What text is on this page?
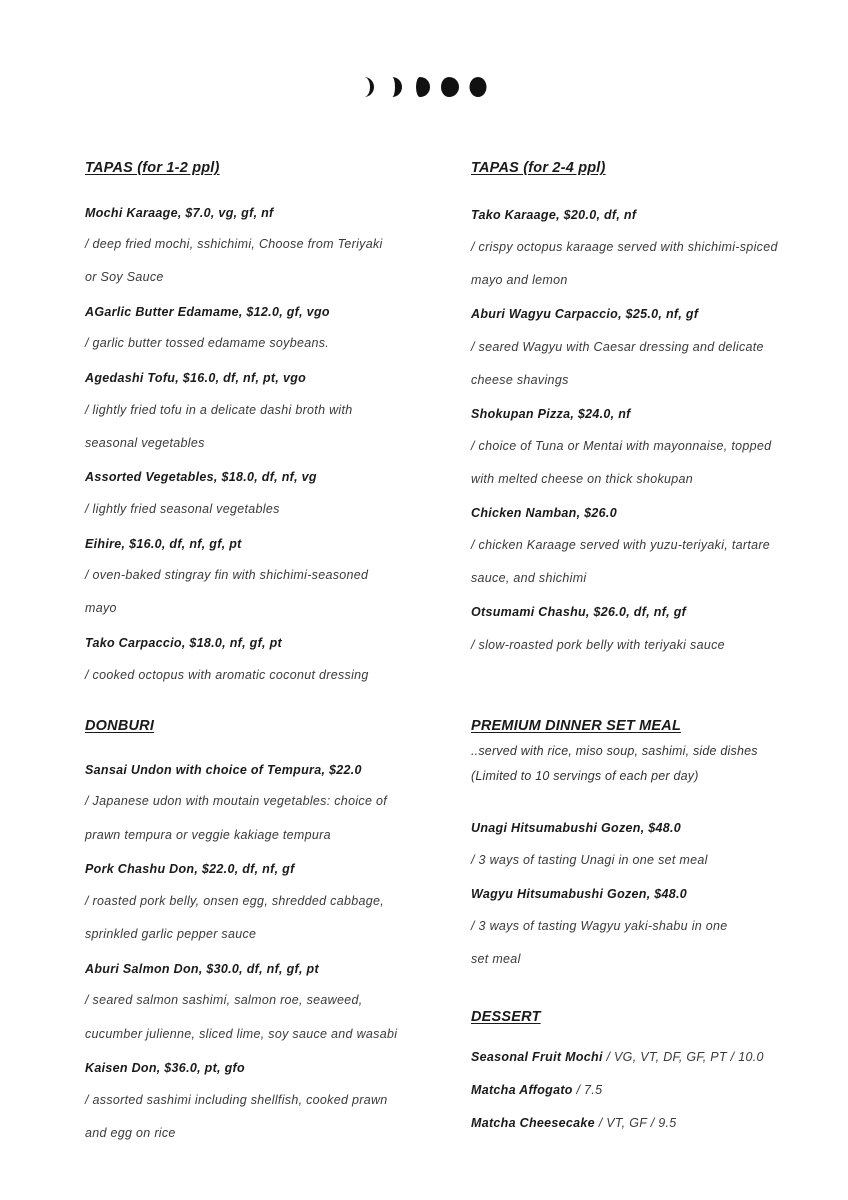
TAPAS (for 1-2 ppl)

Mochi Karaage, $7.0, vg, gf, nf

/ deep fried mochi, sshichimi, Choose from Teriyaki

or Soy Sauce

AGarlic Butter Edamame, $12.0, gf, vgo

/ garlic butter tossed edamame soybeans.

Agedashi Tofu, $16.0, df, nf, pt, vgo

/ lightly fried tofu in a delicate dashi broth with

seasonal vegetables

Assorted Vegetables, $18.0, df, nf, vg

/ lightly fried seasonal vegetables

Eihire, $16.0, df, nf, gf, pt

/ oven-baked stingray fin with shichimi-seasoned

mayo

Tako Carpaccio, $18.0, nf, gf, pt

/ cooked octopus with aromatic coconut dressing

DONBURI

Sansai Undon with choice of Tempura, $22.0

/ Japanese udon with moutain vegetables: choice of

prawn tempura or veggie kakiage tempura

Pork Chashu Don, $22.0, df, nf, gf

/ roasted pork belly, onsen egg, shredded cabbage,

sprinkled garlic pepper sauce

Aburi Salmon Don, $30.0, df, nf, gf, pt

/ seared salmon sashimi, salmon roe, seaweed,

cucumber julienne, sliced lime, soy sauce and wasabi

Kaisen Don, $36.0, pt, gfo

/ assorted sashimi including shellfish, cooked prawn

and egg on rice

TAPAS (for 2-4 ppl)

Tako Karaage, $20.0, df, nf

/ crispy octopus karaage served with shichimi-spiced

mayo and lemon

Aburi Wagyu Carpaccio, $25.0, nf, gf

/ seared Wagyu with Caesar dressing and delicate

cheese shavings

Shokupan Pizza, $24.0, nf

/ choice of Tuna or Mentai with mayonnaise, topped

with melted cheese on thick shokupan

Chicken Namban, $26.0

/ chicken Karaage served with yuzu-teriyaki, tartare

sauce, and shichimi

Otsumami Chashu, $26.0, df, nf, gf

/ slow-roasted pork belly with teriyaki sauce

PREMIUM DINNER SET MEAL

..served with rice, miso soup, sashimi, side dishes

(Limited to 10 servings of each per day)

Unagi Hitsumabushi Gozen, $48.0

/ 3 ways of tasting Unagi in one set meal

Wagyu Hitsumabushi Gozen, $48.0

/ 3 ways of tasting Wagyu yaki-shabu in one

set meal

DESSERT

Seasonal Fruit Mochi / VG, VT, DF, GF, PT / 10.0

Matcha Affogato / 7.5

Matcha Cheesecake / VT, GF / 9.5
